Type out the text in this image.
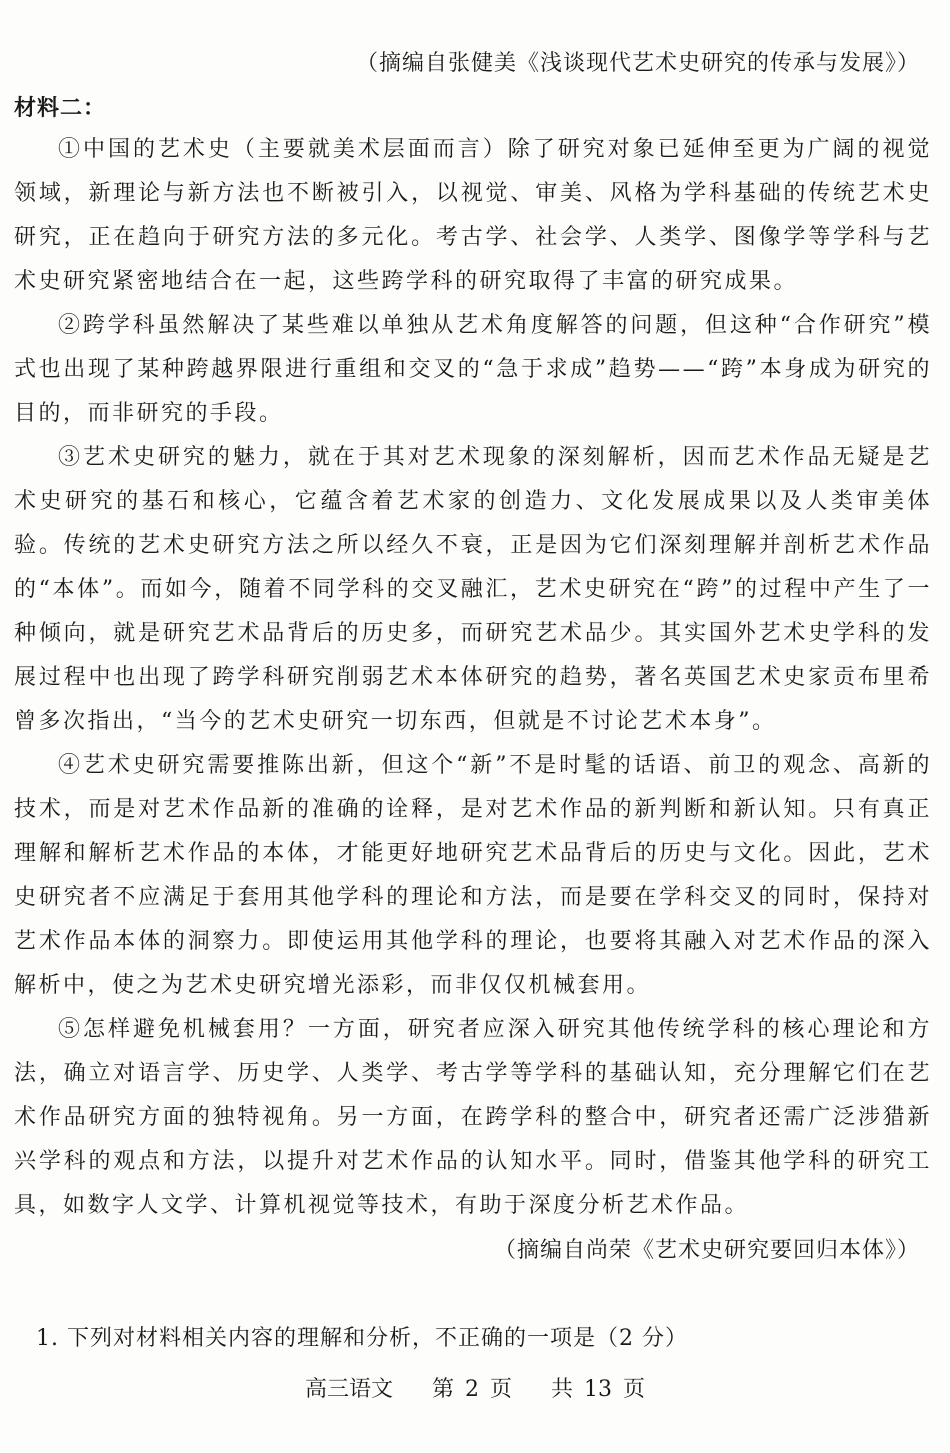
（摘编自张健美《浅谈现代艺术史研究的传承与发展》）
材料二：

①中国的艺术史（主要就美术层面而言）除了研究对象已延伸至更为广阔的视觉领域，新理论与新方法也不断被引入，以视觉、审美、风格为学科基础的传统艺术史研究，正在趋向于研究方法的多元化。考古学、社会学、人类学、图像学等学科与艺术史研究紧密地结合在一起，这些跨学科的研究取得了丰富的研究成果。

②跨学科虽然解决了某些难以单独从艺术角度解答的问题，但这种“合作研究”模式也出现了某种跨越界限进行重组和交叉的“急于求成”趋势——“跨”本身成为研究的目的，而非研究的手段。

③艺术史研究的魅力，就在于其对艺术现象的深刻解析，因而艺术作品无疑是艺术史研究的基石和核心，它蕴含着艺术家的创造力、文化发展成果以及人类审美体验。传统的艺术史研究方法之所以经久不衰，正是因为它们深刻理解并剖析艺术作品的“本体”。而如今，随着不同学科的交叉融汇，艺术史研究在“跨”的过程中产生了一种倾向，就是研究艺术品背后的历史多，而研究艺术品少。其实国外艺术史学科的发展过程中也出现了跨学科研究削弱艺术本体研究的趋势，著名英国艺术史家贡布里希曾多次指出，“当今的艺术史研究一切东西，但就是不讨论艺术本身”。

④艺术史研究需要推陈出新，但这个“新”不是时髦的话语、前卫的观念、高新的技术，而是对艺术作品新的准确的诠释，是对艺术作品的新判断和新认知。只有真正理解和解析艺术作品的本体，才能更好地研究艺术品背后的历史与文化。因此，艺术史研究者不应满足于套用其他学科的理论和方法，而是要在学科交叉的同时，保持对艺术作品本体的洞察力。即使运用其他学科的理论，也要将其融入对艺术作品的深入解析中，使之为艺术史研究增光添彩，而非仅仅机械套用。

⑤怎样避免机械套用？一方面，研究者应深入研究其他传统学科的核心理论和方法，确立对语言学、历史学、人类学、考古学等学科的基础认知，充分理解它们在艺术作品研究方面的独特视角。另一方面，在跨学科的整合中，研究者还需广泛涉猎新兴学科的观点和方法，以提升对艺术作品的认知水平。同时，借鉴其他学科的研究工具，如数字人文学、计算机视觉等技术，有助于深度分析艺术作品。

（摘编自尚荣《艺术史研究要回归本体》）
1. 下列对材料相关内容的理解和分析，不正确的一项是（2 分）
高三语文 第 2 页 共 13 页
